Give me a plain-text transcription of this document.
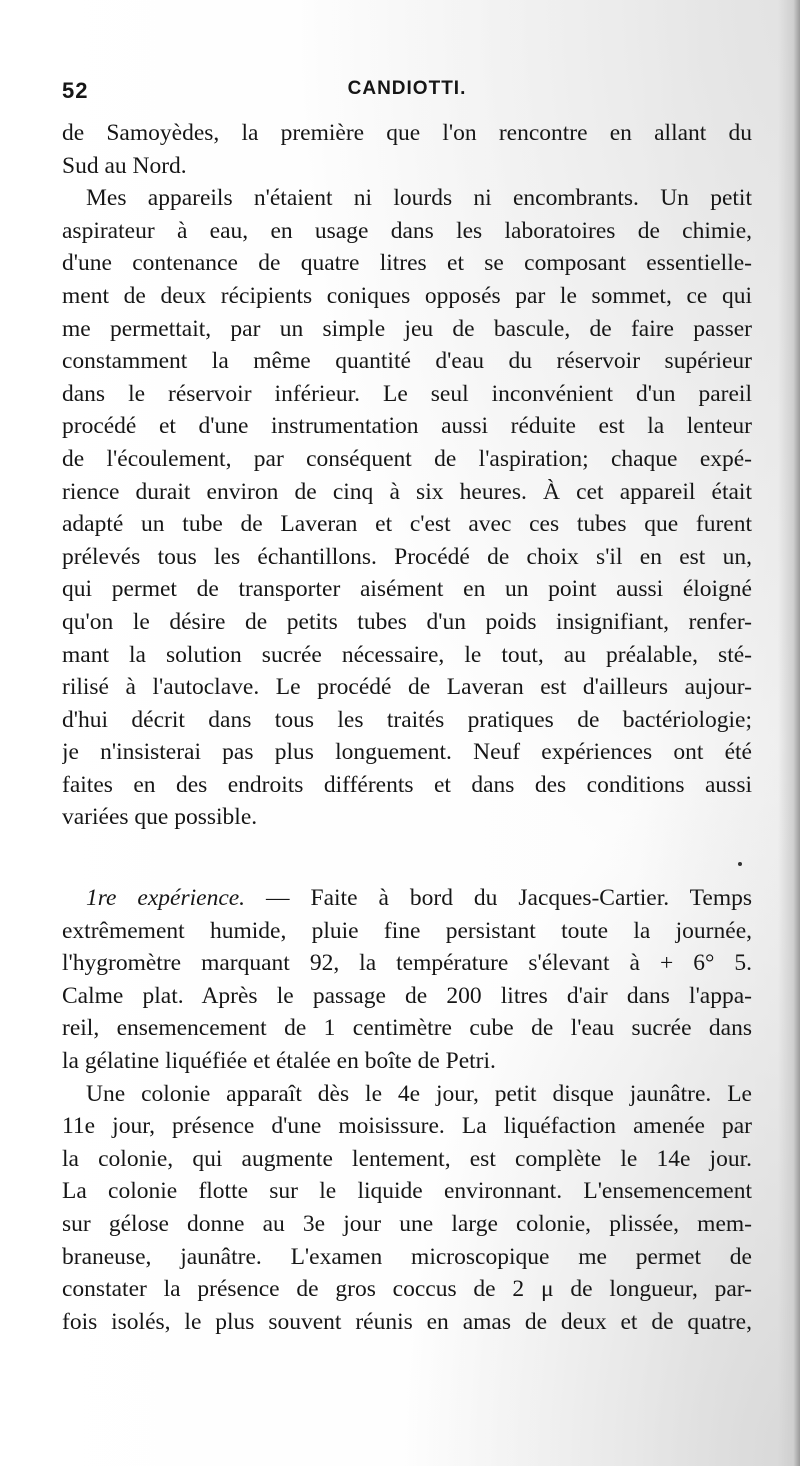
52	CANDIOTTI.
de Samoyèdes, la première que l'on rencontre en allant du
Sud au Nord.
Mes appareils n'étaient ni lourds ni encombrants. Un petit
aspirateur à eau, en usage dans les laboratoires de chimie,
d'une contenance de quatre litres et se composant essentielle-
ment de deux récipients coniques opposés par le sommet, ce qui
me permettait, par un simple jeu de bascule, de faire passer
constamment la même quantité d'eau du réservoir supérieur
dans le réservoir inférieur. Le seul inconvénient d'un pareil
procédé et d'une instrumentation aussi réduite est la lenteur
de l'écoulement, par conséquent de l'aspiration; chaque expé-
rience durait environ de cinq à six heures. À cet appareil était
adapté un tube de Laveran et c'est avec ces tubes que furent
prélevés tous les échantillons. Procédé de choix s'il en est un,
qui permet de transporter aisément en un point aussi éloigné
qu'on le désire de petits tubes d'un poids insignifiant, renfer-
mant la solution sucrée nécessaire, le tout, au préalable, sté-
rilisé à l'autoclave. Le procédé de Laveran est d'ailleurs aujour-
d'hui décrit dans tous les traités pratiques de bactériologie;
je n'insisterai pas plus longuement. Neuf expériences ont été
faites en des endroits différents et dans des conditions aussi
variées que possible.
1re expérience. — Faite à bord du Jacques-Cartier. Temps
extrêmement humide, pluie fine persistant toute la journée,
l'hygromètre marquant 92, la température s'élevant à + 6° 5.
Calme plat. Après le passage de 200 litres d'air dans l'appa-
reil, ensemencement de 1 centimètre cube de l'eau sucrée dans
la gélatine liquéfiée et étalée en boîte de Petri.
Une colonie apparaît dès le 4e jour, petit disque jaunâtre. Le
11e jour, présence d'une moisissure. La liquéfaction amenée par
la colonie, qui augmente lentement, est complète le 14e jour.
La colonie flotte sur le liquide environnant. L'ensemencement
sur gélose donne au 3e jour une large colonie, plissée, mem-
braneuse, jaunâtre. L'examen microscopique me permet de
constater la présence de gros coccus de 2 μ de longueur, par-
fois isolés, le plus souvent réunis en amas de deux et de quatre,
